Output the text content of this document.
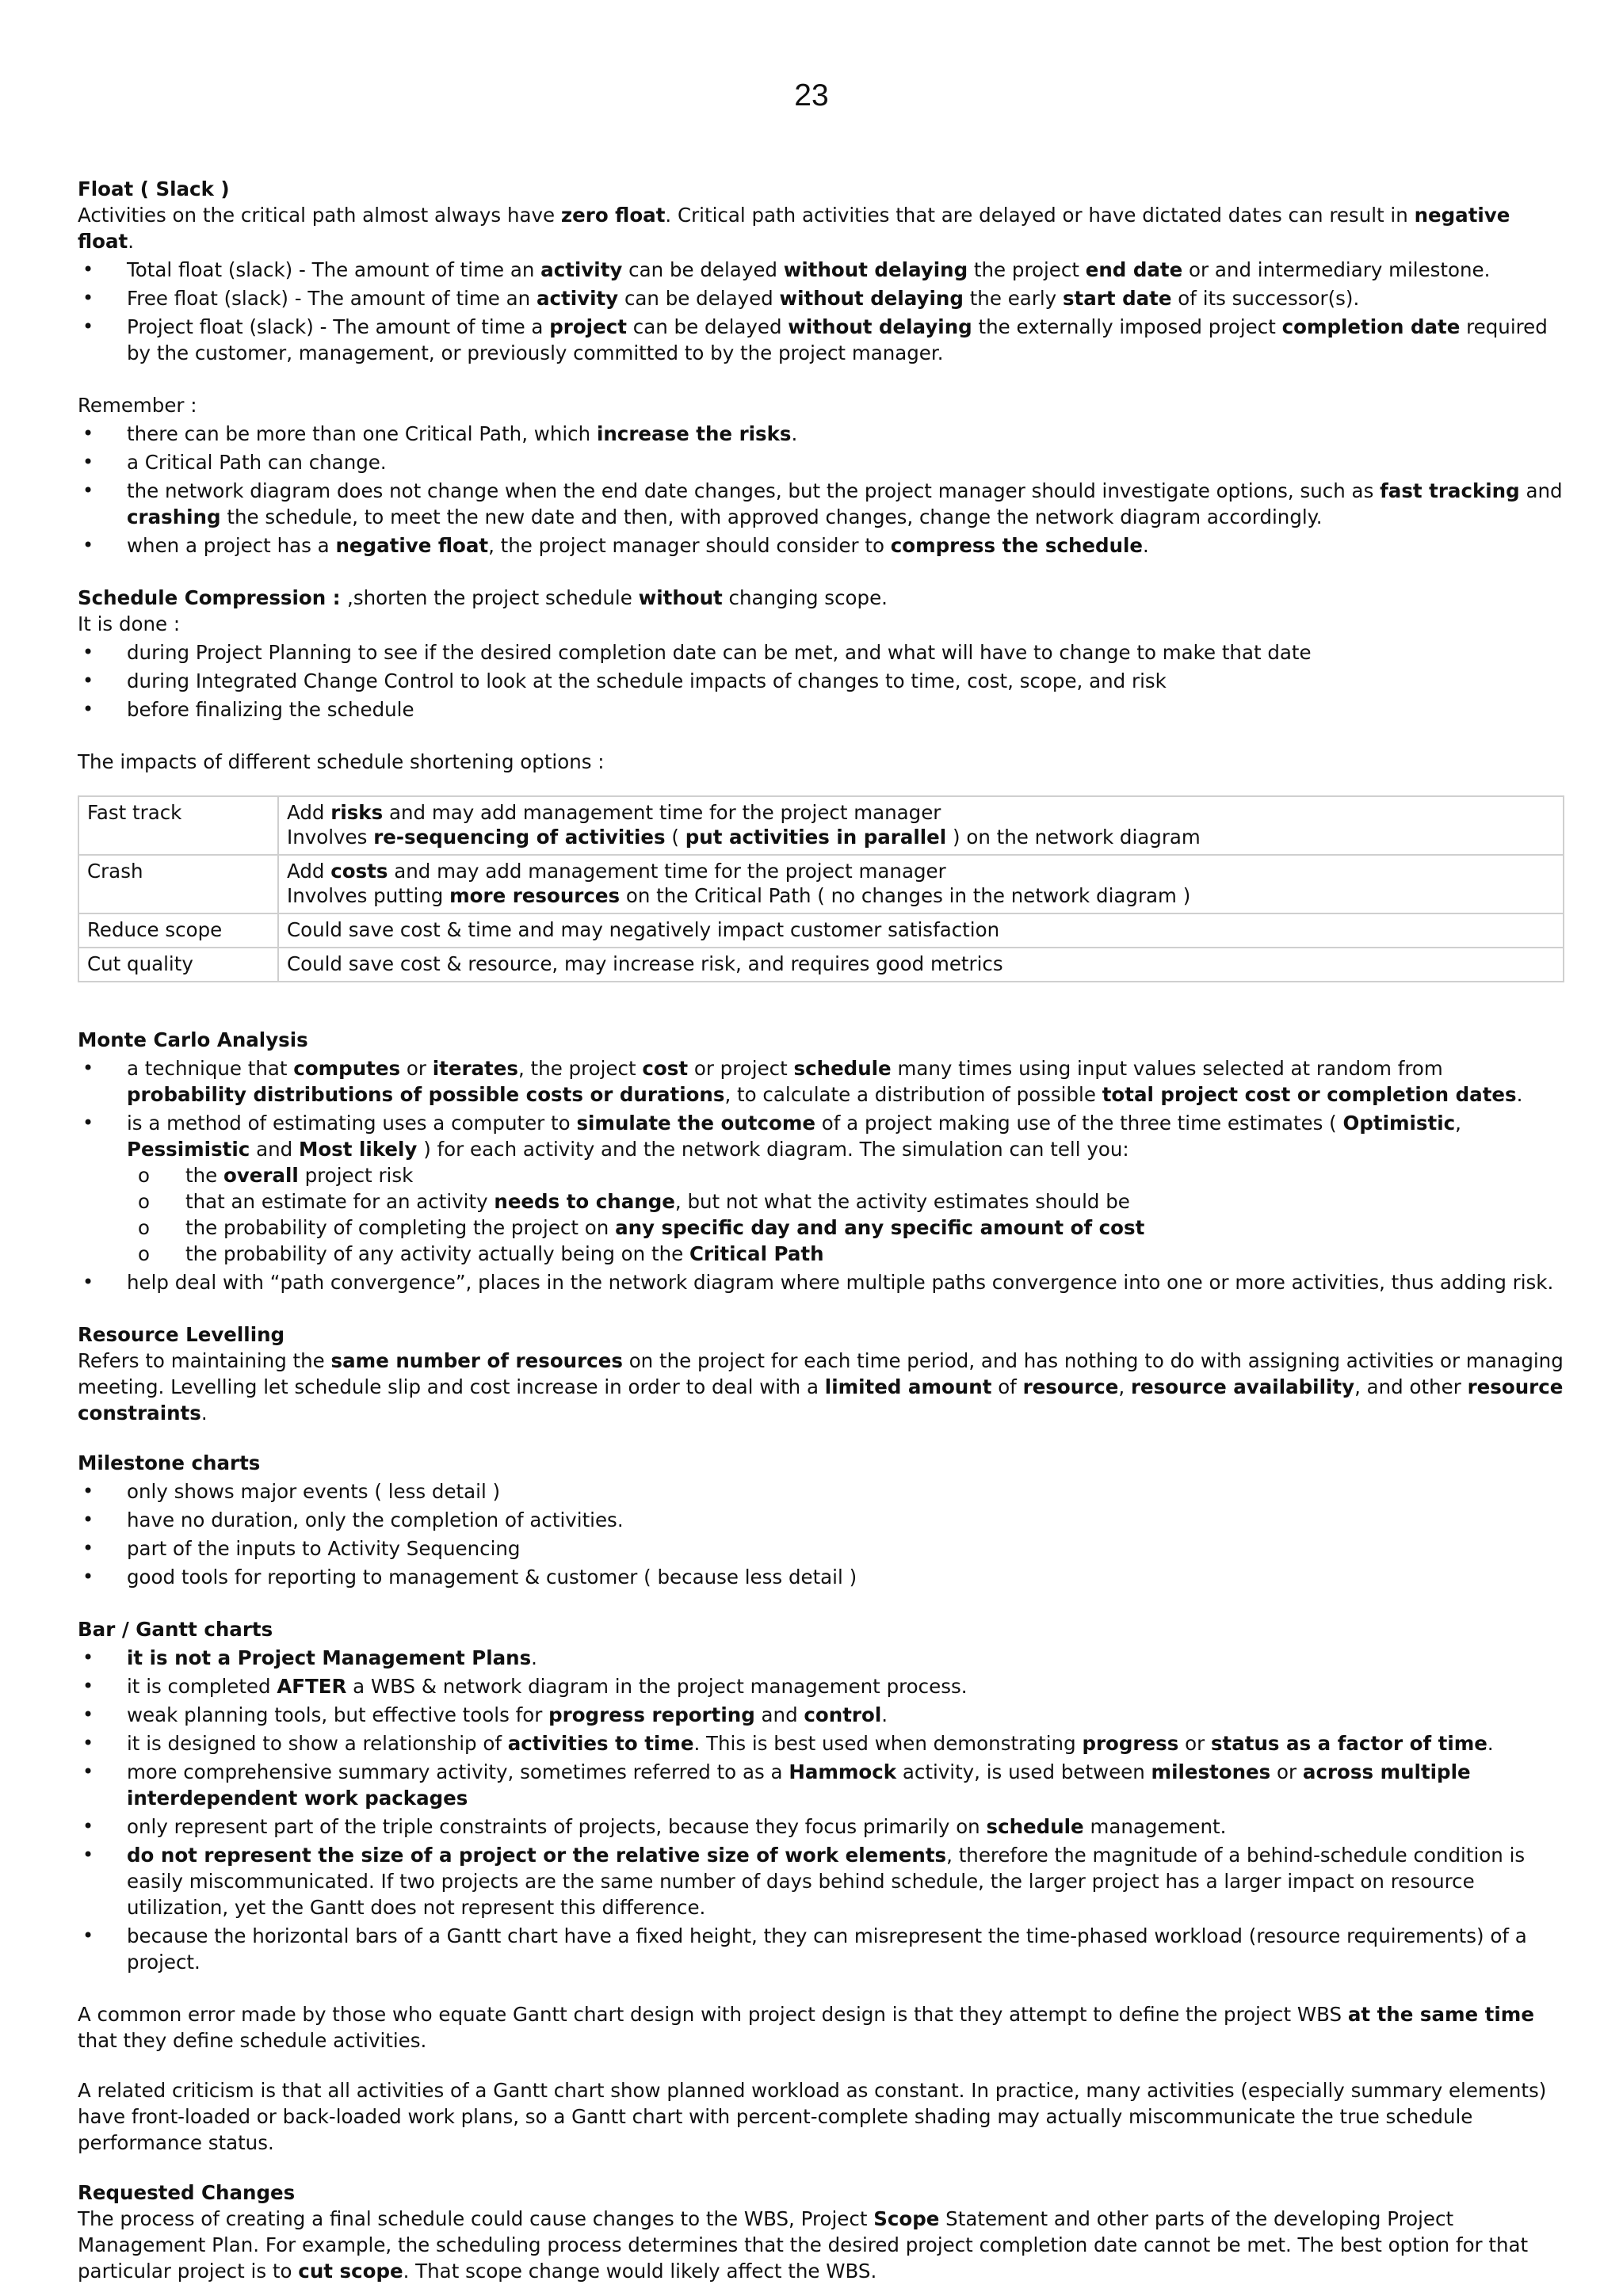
23

Float ( Slack )

Activities on the critical path almost always have zero float. Critical path activities that are delayed or have dictated dates can result in negative float.

• Total float (slack) - The amount of time an activity can be delayed without delaying the project end date or and intermediary milestone.
• Free float (slack) - The amount of time an activity can be delayed without delaying the early start date of its successor(s).
• Project float (slack) - The amount of time a project can be delayed without delaying the externally imposed project completion date required by the customer, management, or previously committed to by the project manager.

Remember :

• there can be more than one Critical Path, which increase the risks.
• a Critical Path can change.
• the network diagram does not change when the end date changes, but the project manager should investigate options, such as fast tracking and crashing the schedule, to meet the new date and then, with approved changes, change the network diagram accordingly.
• when a project has a negative float, the project manager should consider to compress the schedule.

Schedule Compression : ,shorten the project schedule without changing scope.

It is done :

• during Project Planning to see if the desired completion date can be met, and what will have to change to make that date
• during Integrated Change Control to look at the schedule impacts of changes to time, cost, scope, and risk
• before finalizing the schedule

The impacts of different schedule shortening options :

Fast track	Add risks and may add management time for the project manager
Involves re-sequencing of activities ( put activities in parallel ) on the network diagram

Crash	Add costs and may add management time for the project manager
Involves putting more resources on the Critical Path ( no changes in the network diagram )

Reduce scope	Could save cost & time and may negatively impact customer satisfaction

Cut quality	Could save cost & resource, may increase risk, and requires good metrics

Monte Carlo Analysis

• a technique that computes or iterates, the project cost or project schedule many times using input values selected at random from probability distributions of possible costs or durations, to calculate a distribution of possible total project cost or completion dates.
• is a method of estimating uses a computer to simulate the outcome of a project making use of the three time estimates ( Optimistic, Pessimistic and Most likely ) for each activity and the network diagram. The simulation can tell you:
o the overall project risk
o that an estimate for an activity needs to change, but not what the activity estimates should be
o the probability of completing the project on any specific day and any specific amount of cost
o the probability of any activity actually being on the Critical Path
• help deal with “path convergence”, places in the network diagram where multiple paths convergence into one or more activities, thus adding risk.

Resource Levelling

Refers to maintaining the same number of resources on the project for each time period, and has nothing to do with assigning activities or managing meeting. Levelling let schedule slip and cost increase in order to deal with a limited amount of resource, resource availability, and other resource constraints.

Milestone charts

• only shows major events ( less detail )
• have no duration, only the completion of activities.
• part of the inputs to Activity Sequencing
• good tools for reporting to management & customer ( because less detail )

Bar / Gantt charts

• it is not a Project Management Plans.
• it is completed AFTER a WBS & network diagram in the project management process.
• weak planning tools, but effective tools for progress reporting and control.
• it is designed to show a relationship of activities to time. This is best used when demonstrating progress or status as a factor of time.
• more comprehensive summary activity, sometimes referred to as a Hammock activity, is used between milestones or across multiple interdependent work packages
• only represent part of the triple constraints of projects, because they focus primarily on schedule management.
• do not represent the size of a project or the relative size of work elements, therefore the magnitude of a behind-schedule condition is easily miscommunicated. If two projects are the same number of days behind schedule, the larger project has a larger impact on resource utilization, yet the Gantt does not represent this difference.
• because the horizontal bars of a Gantt chart have a fixed height, they can misrepresent the time-phased workload (resource requirements) of a project.

A common error made by those who equate Gantt chart design with project design is that they attempt to define the project WBS at the same time that they define schedule activities.

A related criticism is that all activities of a Gantt chart show planned workload as constant. In practice, many activities (especially summary elements) have front-loaded or back-loaded work plans, so a Gantt chart with percent-complete shading may actually miscommunicate the true schedule performance status.

Requested Changes

The process of creating a final schedule could cause changes to the WBS, Project Scope Statement and other parts of the developing Project Management Plan. For example, the scheduling process determines that the desired project completion date cannot be met. The best option for that particular project is to cut scope. That scope change would likely affect the WBS.
